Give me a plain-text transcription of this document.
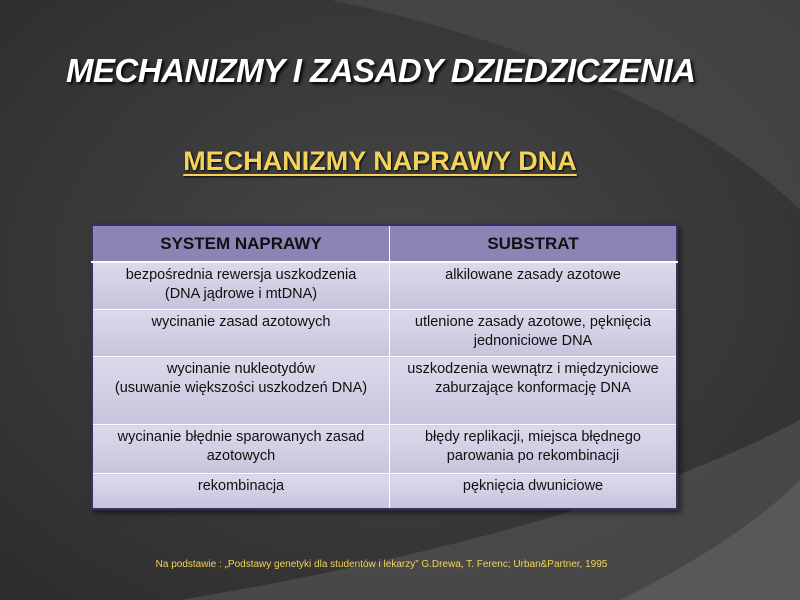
MECHANIZMY I ZASADY DZIEDZICZENIA
MECHANIZMY NAPRAWY DNA
SYSTEM NAPRAWY	SUBSTRAT

bezpośrednia rewersja uszkodzenia
(DNA jądrowe i mtDNA)	alkilowane zasady azotowe

wycinanie zasad azotowych	utlenione zasady azotowe, pęknięcia
jednoniciowe DNA

wycinanie nukleotydów
(usuwanie większości uszkodzeń DNA)	uszkodzenia wewnątrz i międzyniciowe
zaburzające konformację DNA

wycinanie błędnie sparowanych zasad
azotowych	błędy replikacji, miejsca błędnego
parowania po rekombinacji

rekombinacja	pęknięcia dwuniciowe

Na podstawie : „Podstawy genetyki dla studentów i lekarzy” G.Drewa, T. Ferenc; Urban&Partner, 1995
